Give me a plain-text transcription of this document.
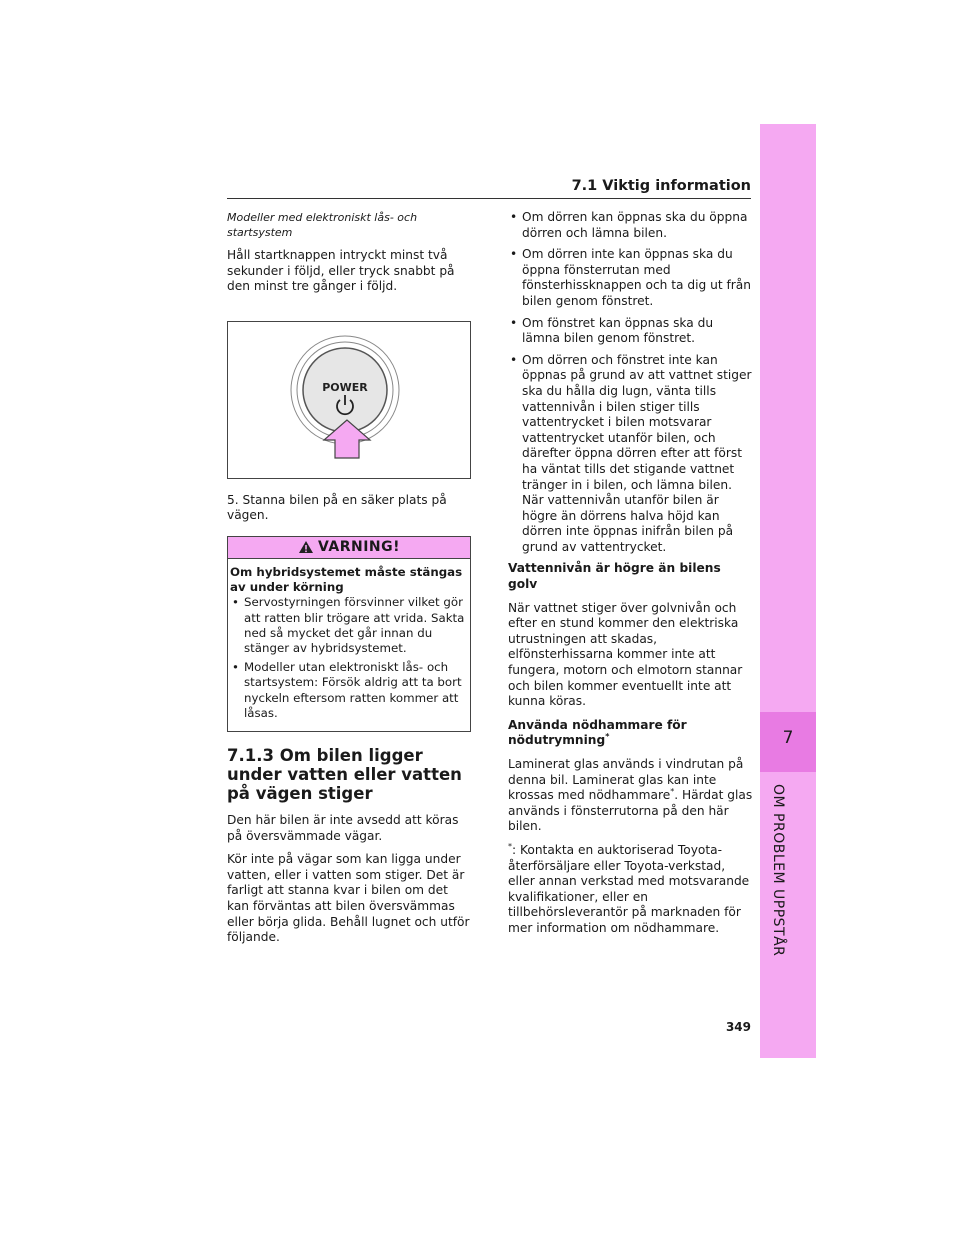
7.1 Viktig information
7
OM PROBLEM UPPSTÅR

Modeller med elektroniskt lås- och startsystem

Håll startknappen intryckt minst två sekunder i följd, eller tryck snabbt på den minst tre gånger i följd.

POWER

5. Stanna bilen på en säker plats på vägen.

VARNING!
Om hybridsystemet måste stängas av under körning
• Servostyrningen försvinner vilket gör att ratten blir trögare att vrida. Sakta ned så mycket det går innan du stänger av hybridsystemet.
• Modeller utan elektroniskt lås- och startsystem: Försök aldrig att ta bort nyckeln eftersom ratten kommer att låsas.
7.1.3 Om bilen ligger under vatten eller vatten på vägen stiger

Den här bilen är inte avsedd att köras på översvämmade vägar.

Kör inte på vägar som kan ligga under vatten, eller i vatten som stiger. Det är farligt att stanna kvar i bilen om det kan förväntas att bilen översvämmas eller börja glida. Behåll lugnet och utför följande.

• Om dörren kan öppnas ska du öppna dörren och lämna bilen.
• Om dörren inte kan öppnas ska du öppna fönsterrutan med fönsterhissknappen och ta dig ut från bilen genom fönstret.
• Om fönstret kan öppnas ska du lämna bilen genom fönstret.
• Om dörren och fönstret inte kan öppnas på grund av att vattnet stiger ska du hålla dig lugn, vänta tills vattennivån i bilen stiger tills vattentrycket i bilen motsvarar vattentrycket utanför bilen, och därefter öppna dörren efter att först ha väntat tills det stigande vattnet tränger in i bilen, och lämna bilen. När vattennivån utanför bilen är högre än dörrens halva höjd kan dörren inte öppnas inifrån bilen på grund av vattentrycket.

Vattennivån är högre än bilens golv

När vattnet stiger över golvnivån och efter en stund kommer den elektriska utrustningen att skadas, elfönsterhissarna kommer inte att fungera, motorn och elmotorn stannar och bilen kommer eventuellt inte att kunna köras.

Använda nödhammare för nödutrymning*

Laminerat glas används i vindrutan på denna bil. Laminerat glas kan inte krossas med nödhammare*. Härdat glas används i fönsterrutorna på den här bilen.

*: Kontakta en auktoriserad Toyota-återförsäljare eller Toyota-verkstad, eller annan verkstad med motsvarande kvalifikationer, eller en tillbehörsleverantör på marknaden för mer information om nödhammare.

349
